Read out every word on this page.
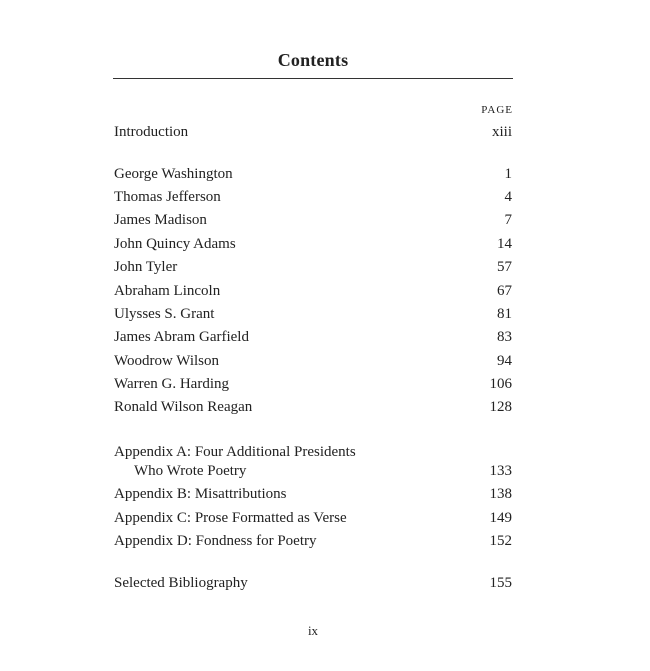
Contents
PAGE
Introduction	xiii
George Washington	1
Thomas Jefferson	4
James Madison	7
John Quincy Adams	14
John Tyler	57
Abraham Lincoln	67
Ulysses S. Grant	81
James Abram Garfield	83
Woodrow Wilson	94
Warren G. Harding	106
Ronald Wilson Reagan	128
Appendix A: Four Additional Presidents
Who Wrote Poetry	133
Appendix B: Misattributions	138
Appendix C: Prose Formatted as Verse	149
Appendix D: Fondness for Poetry	152
Selected Bibliography	155
ix
